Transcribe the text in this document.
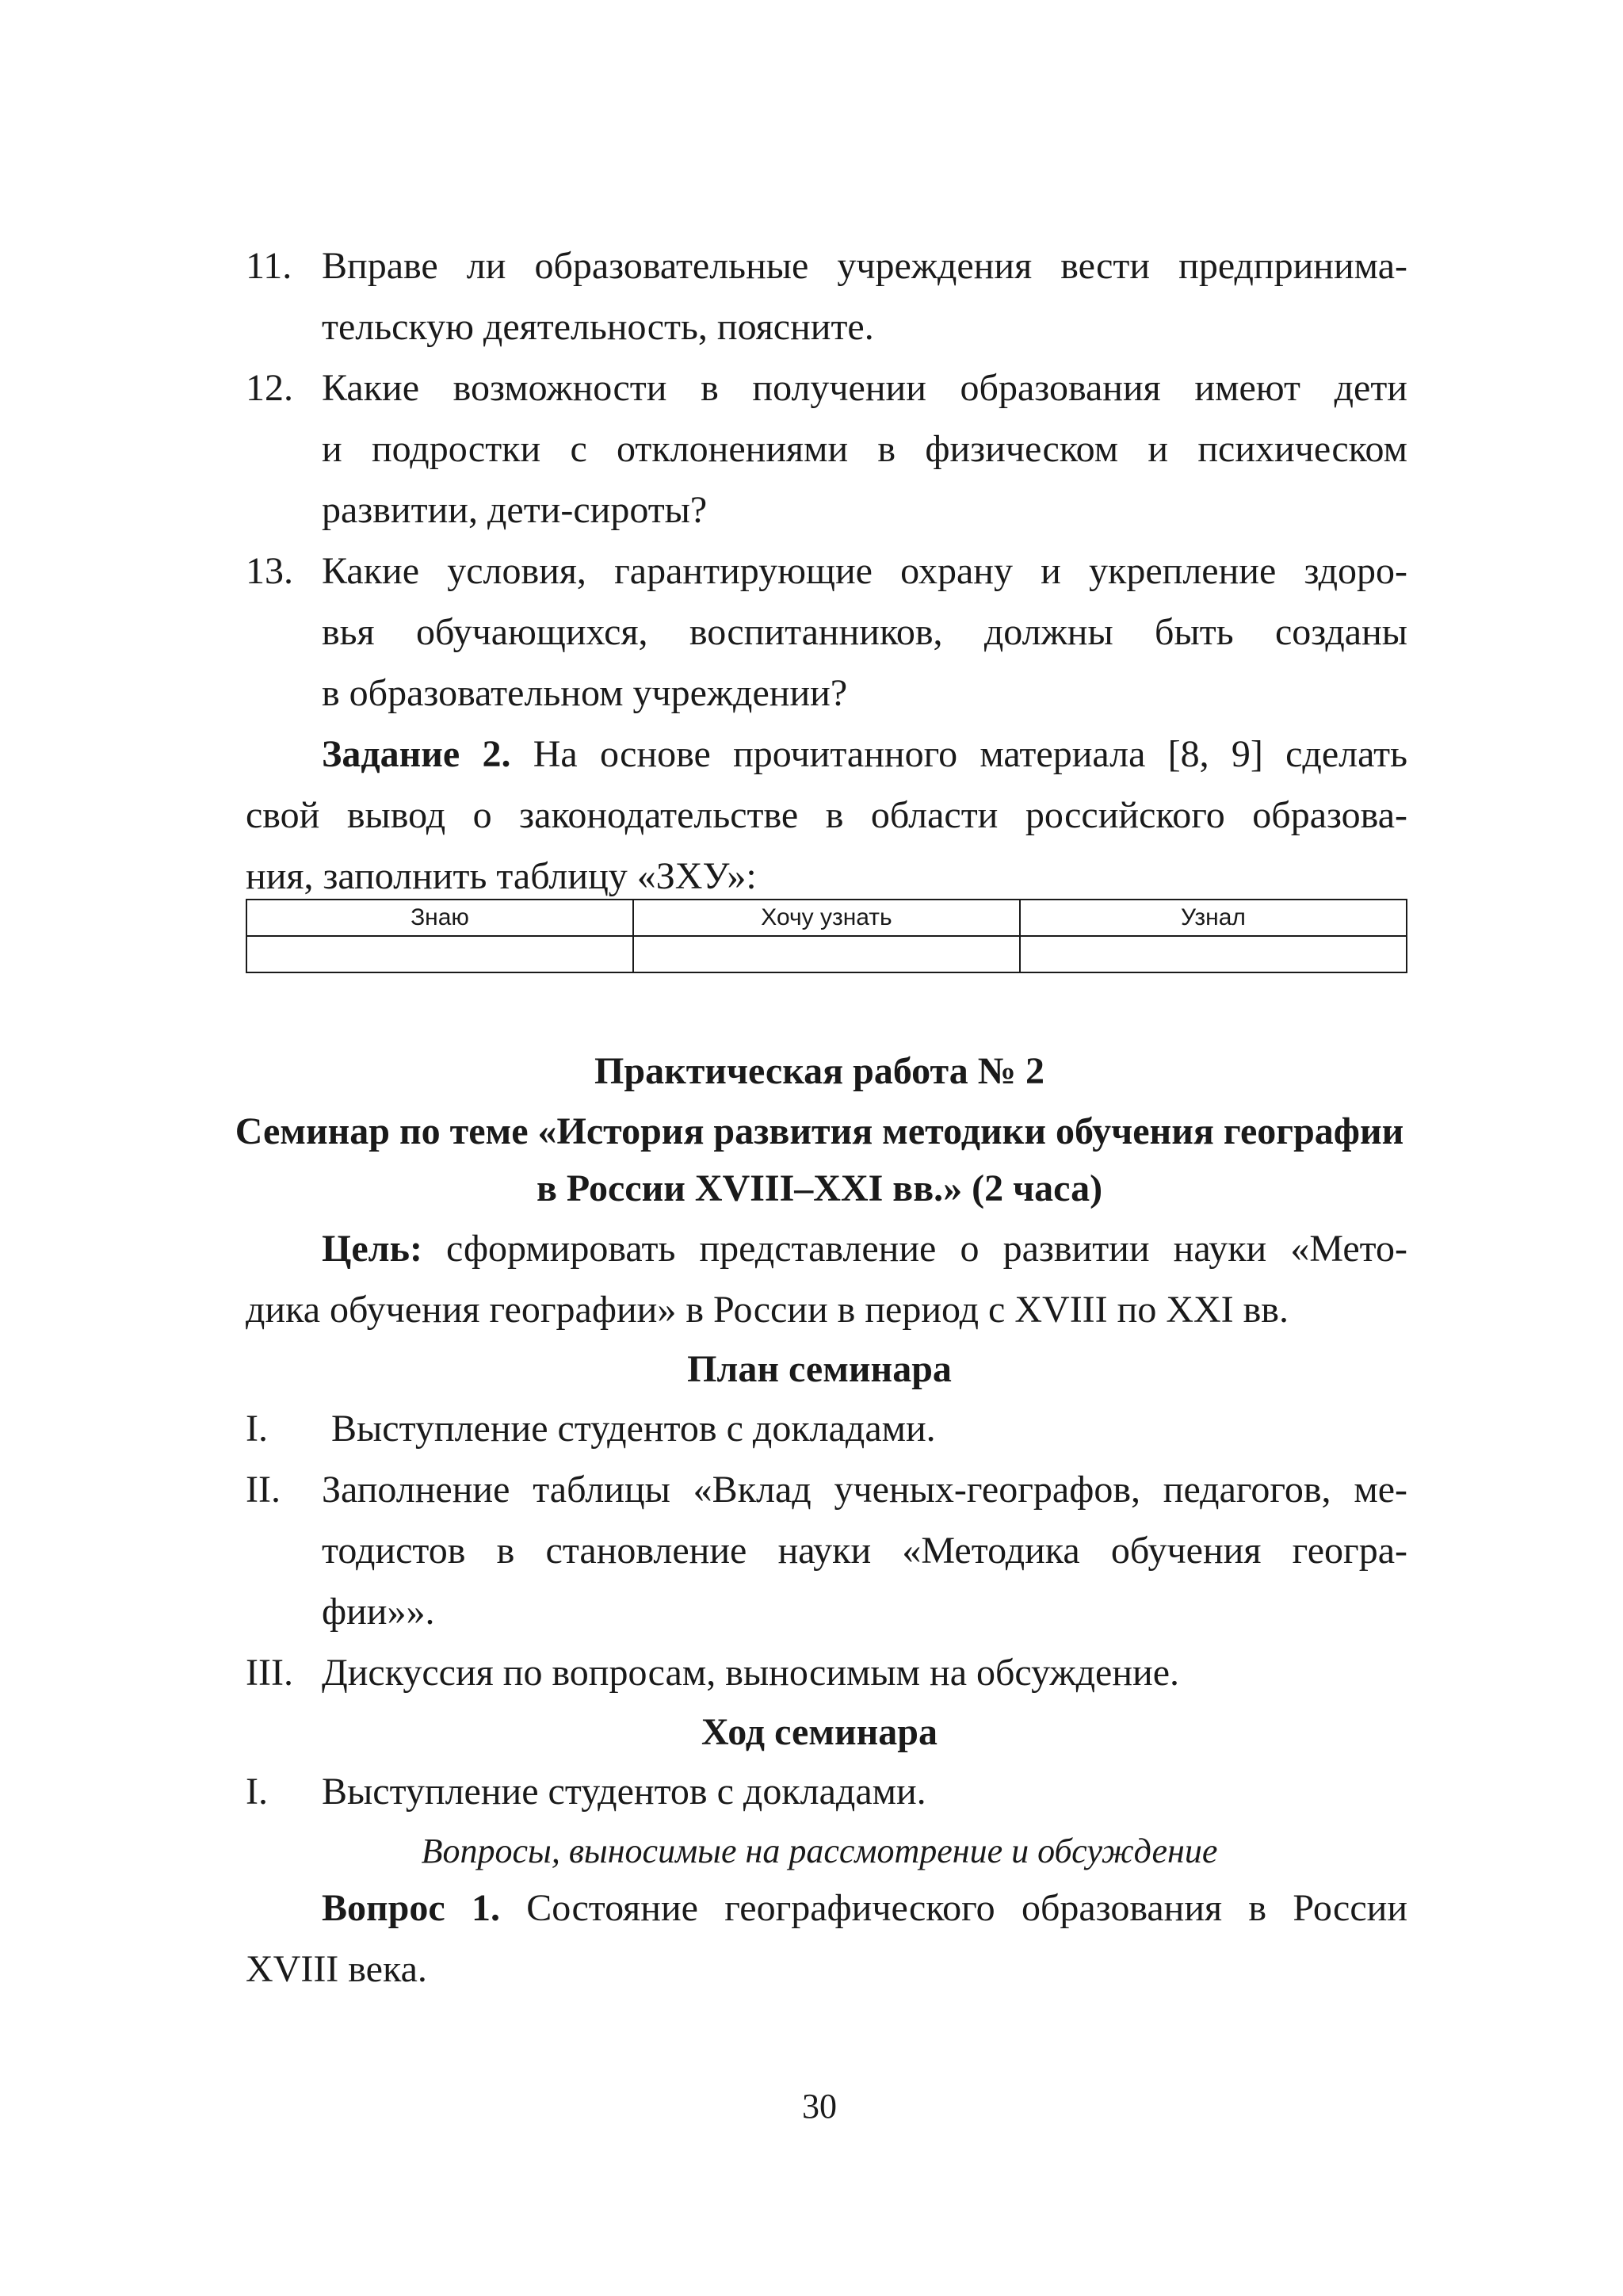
11. Вправе ли образовательные учреждения вести предпринима-
тельскую деятельность, поясните.
12. Какие возможности в получении образования имеют дети
и подростки с отклонениями в физическом и психическом
развитии, дети-сироты?
13. Какие условия, гарантирующие охрану и укрепление здоро-
вья обучающихся, воспитанников, должны быть созданы
в образовательном учреждении?
Задание 2. На основе прочитанного материала [8, 9] сделать
свой вывод о законодательстве в области российского образова-
ния, заполнить таблицу «ЗХУ»:
Знаю	Хочу узнать	Узнал

Практическая работа № 2
Семинар по теме «История развития методики обучения географии
в России XVIII–XXI вв.» (2 часа)
Цель: сформировать представление о развитии науки «Мето-
дика обучения географии» в России в период с XVIII по XXI вв.
План семинара
I. Выступление студентов с докладами.
II. Заполнение таблицы «Вклад ученых-географов, педагогов, ме-
тодистов в становление науки «Методика обучения геогра-
фии»».
III. Дискуссия по вопросам, выносимым на обсуждение.
Ход семинара
I. Выступление студентов с докладами.
Вопросы, выносимые на рассмотрение и обсуждение
Вопрос 1. Состояние географического образования в России
XVIII века.
30
